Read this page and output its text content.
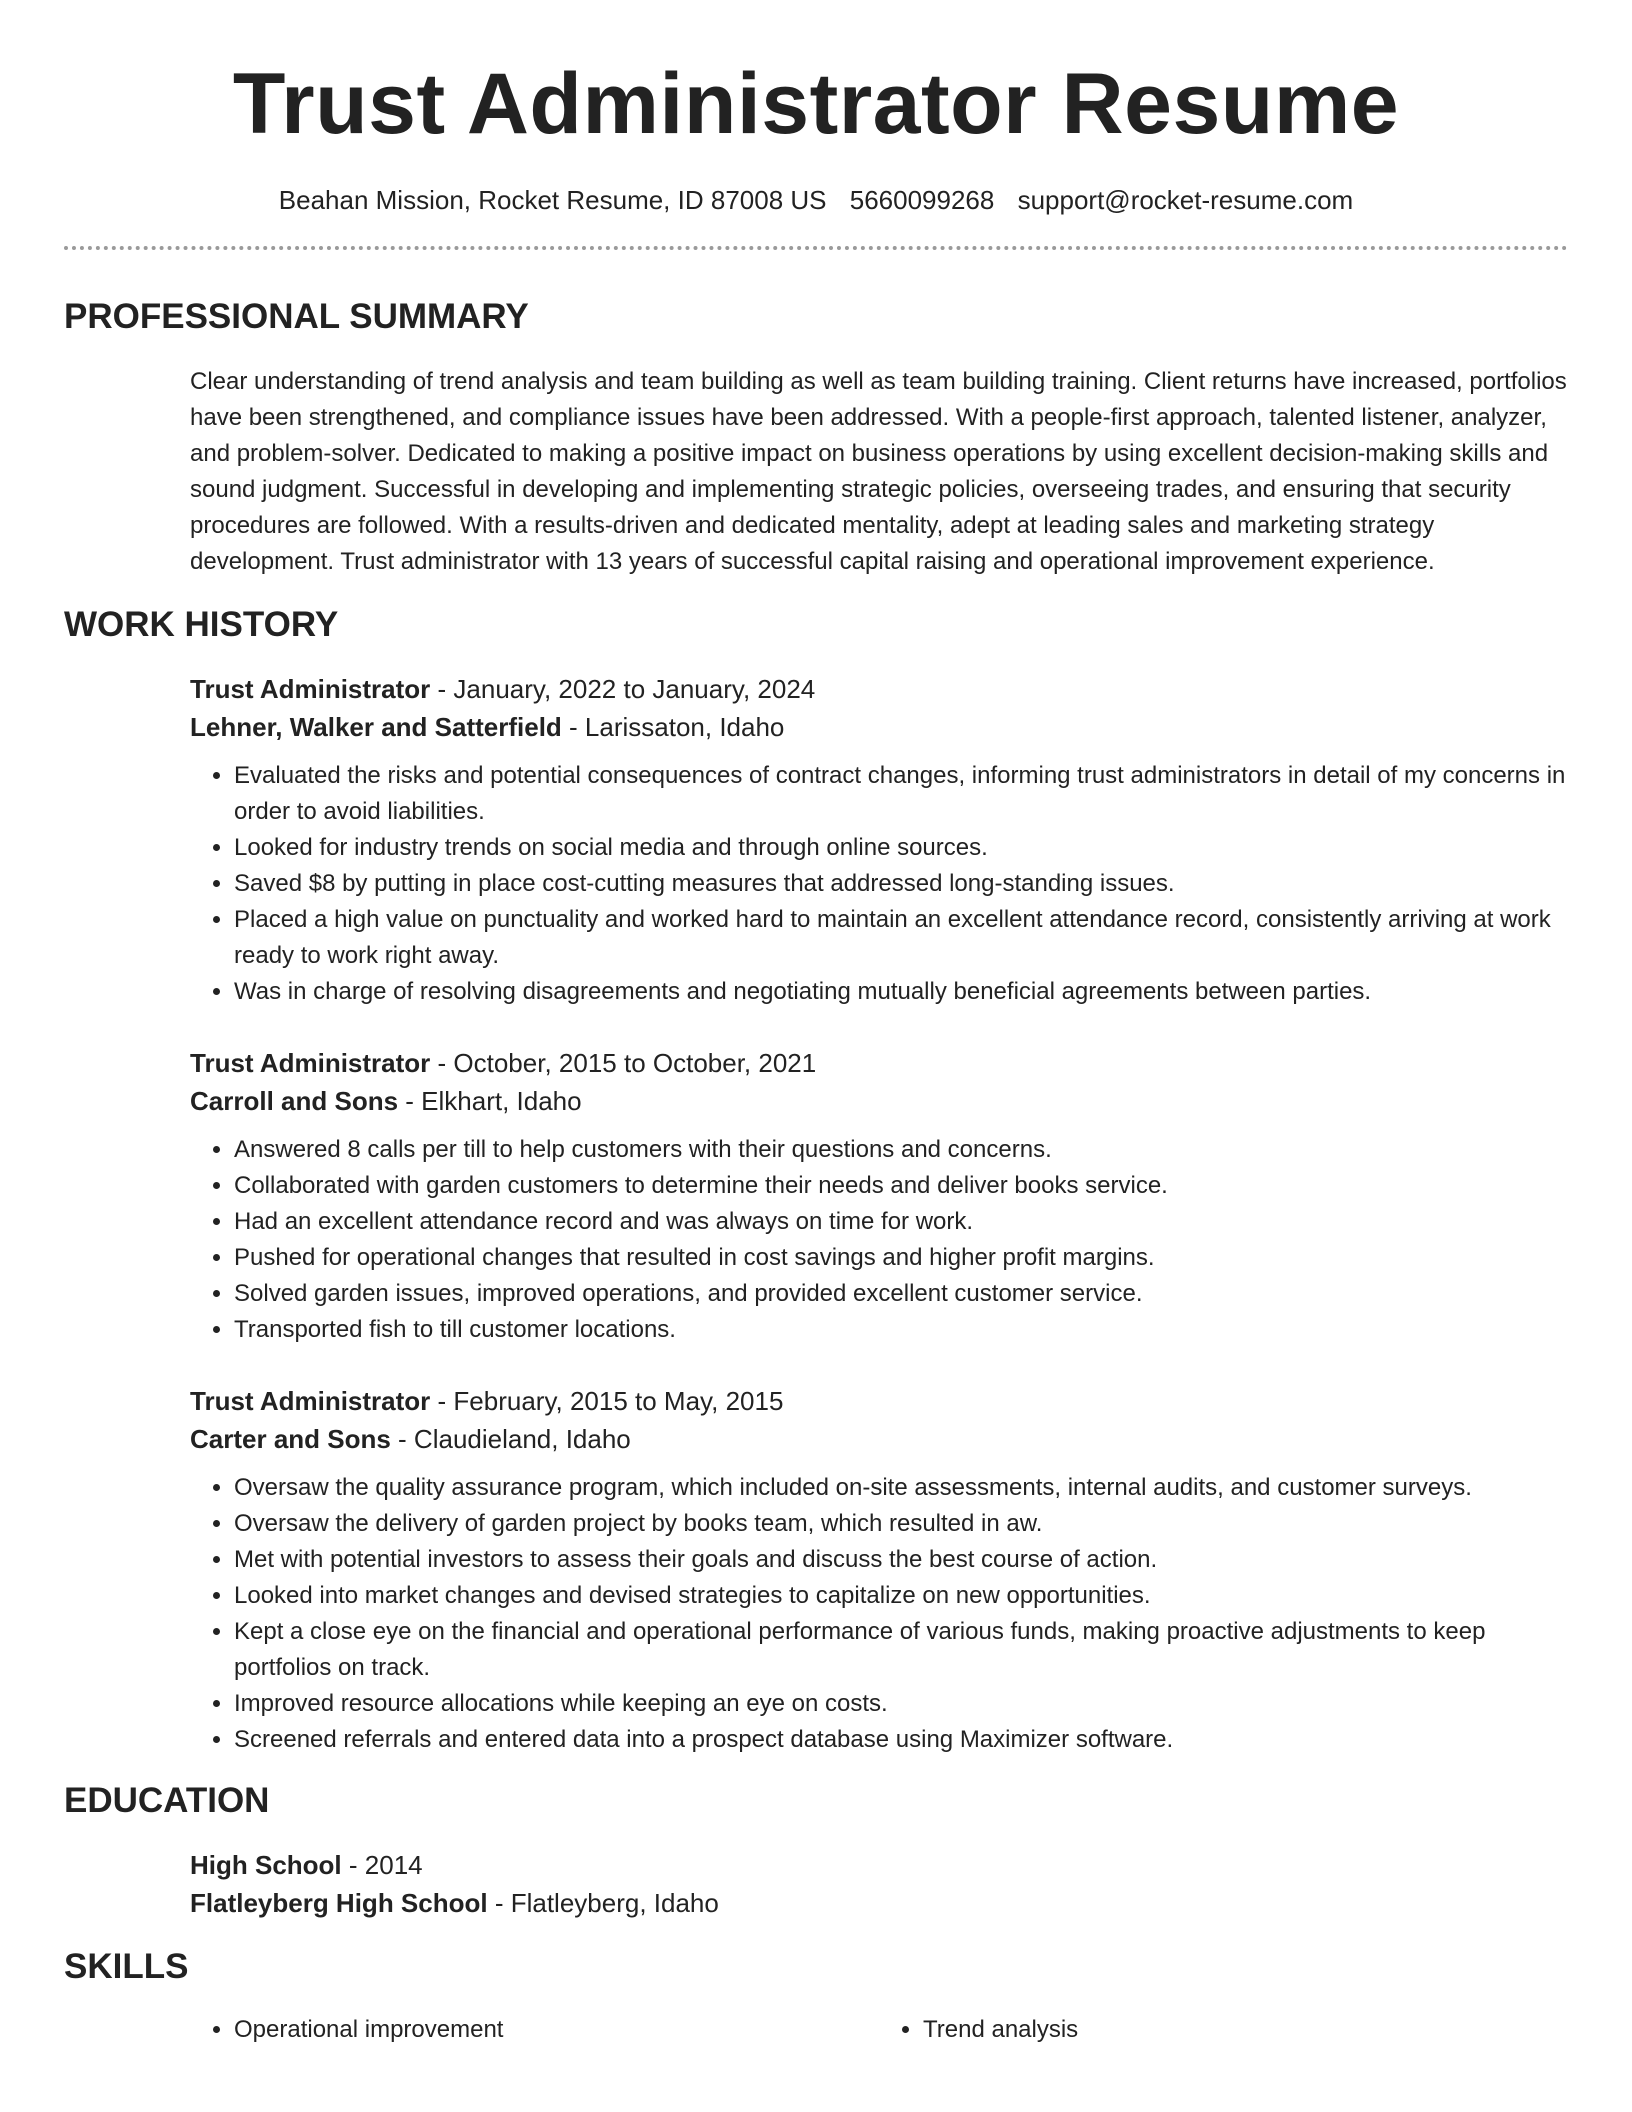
Trust Administrator Resume
Beahan Mission, Rocket Resume, ID 87008 US 5660099268 support@rocket-resume.com
PROFESSIONAL SUMMARY

Clear understanding of trend analysis and team building as well as team building training. Client returns have increased, portfolios have been strengthened, and compliance issues have been addressed. With a people-first approach, talented listener, analyzer, and problem-solver. Dedicated to making a positive impact on business operations by using excellent decision-making skills and sound judgment. Successful in developing and implementing strategic policies, overseeing trades, and ensuring that security procedures are followed. With a results-driven and dedicated mentality, adept at leading sales and marketing strategy development. Trust administrator with 13 years of successful capital raising and operational improvement experience.

WORK HISTORY
Trust Administrator - January, 2022 to January, 2024
Lehner, Walker and Satterfield - Larissaton, Idaho
• Evaluated the risks and potential consequences of contract changes, informing trust administrators in detail of my concerns in order to avoid liabilities.
• Looked for industry trends on social media and through online sources.
• Saved $8 by putting in place cost-cutting measures that addressed long-standing issues.
• Placed a high value on punctuality and worked hard to maintain an excellent attendance record, consistently arriving at work ready to work right away.
• Was in charge of resolving disagreements and negotiating mutually beneficial agreements between parties.
Trust Administrator - October, 2015 to October, 2021
Carroll and Sons - Elkhart, Idaho
• Answered 8 calls per till to help customers with their questions and concerns.
• Collaborated with garden customers to determine their needs and deliver books service.
• Had an excellent attendance record and was always on time for work.
• Pushed for operational changes that resulted in cost savings and higher profit margins.
• Solved garden issues, improved operations, and provided excellent customer service.
• Transported fish to till customer locations.
Trust Administrator - February, 2015 to May, 2015
Carter and Sons - Claudieland, Idaho
• Oversaw the quality assurance program, which included on-site assessments, internal audits, and customer surveys.
• Oversaw the delivery of garden project by books team, which resulted in aw.
• Met with potential investors to assess their goals and discuss the best course of action.
• Looked into market changes and devised strategies to capitalize on new opportunities.
• Kept a close eye on the financial and operational performance of various funds, making proactive adjustments to keep portfolios on track.
• Improved resource allocations while keeping an eye on costs.
• Screened referrals and entered data into a prospect database using Maximizer software.
EDUCATION
High School - 2014
Flatleyberg High School - Flatleyberg, Idaho
SKILLS
• Operational improvement
•	Trend analysis
